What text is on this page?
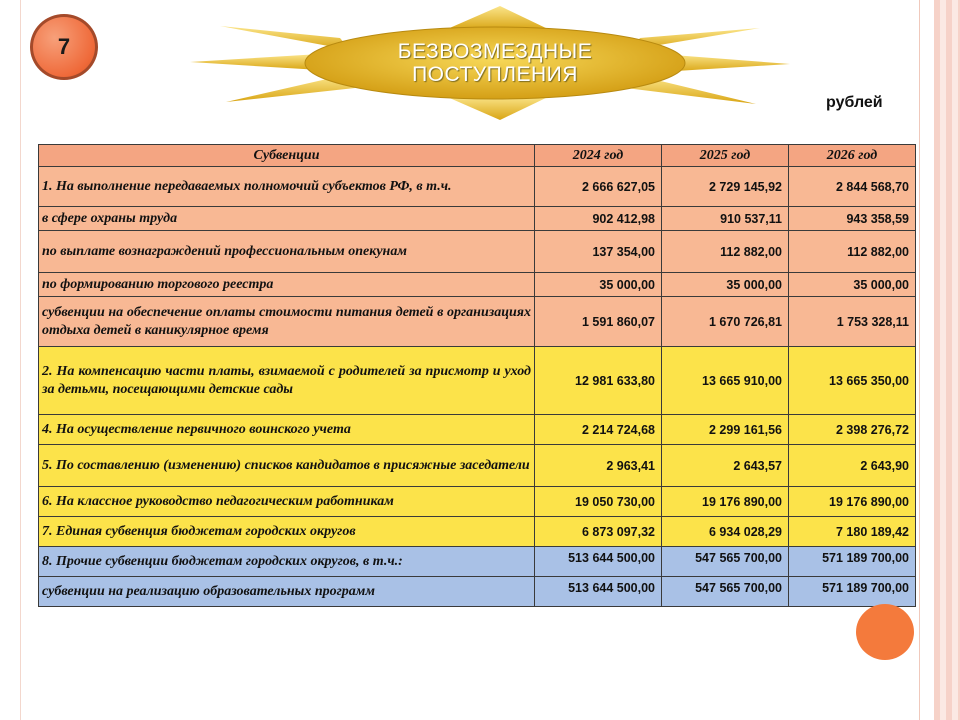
7	БЕЗВОЗМЕЗДНЫЕ
ПОСТУПЛЕНИЯ
рублей
Субвенции	2024 год	2025 год	2026 год
1. На выполнение передаваемых полномочий субъектов РФ, в т.ч.	2 666 627,05	2 729 145,92	2 844 568,70
в сфере охраны труда	902 412,98	910 537,11	943 358,59
по выплате вознаграждений профессиональным опекунам	137 354,00	112 882,00	112 882,00
по формированию торгового реестра	35 000,00	35 000,00	35 000,00
субвенции на обеспечение оплаты стоимости питания детей в организациях отдыха детей в каникулярное время	1 591 860,07	1 670 726,81	1 753 328,11
2. На компенсацию части платы, взимаемой с родителей за присмотр и уход за детьми, посещающими детские сады	12 981 633,80	13 665 910,00	13 665 350,00
4. На осуществление первичного воинского учета	2 214 724,68	2 299 161,56	2 398 276,72
5. По составлению (изменению) списков кандидатов в присяжные заседатели	2 963,41	2 643,57	2 643,90
6. На классное руководство педагогическим работникам	19 050 730,00	19 176 890,00	19 176 890,00
7. Единая субвенция бюджетам городских округов	6 873 097,32	6 934 028,29	7 180 189,42
8. Прочие субвенции бюджетам городских округов, в т.ч.:	513 644 500,00	547 565 700,00	571 189 700,00
субвенции на реализацию образовательных программ	513 644 500,00	547 565 700,00	571 189 700,00
